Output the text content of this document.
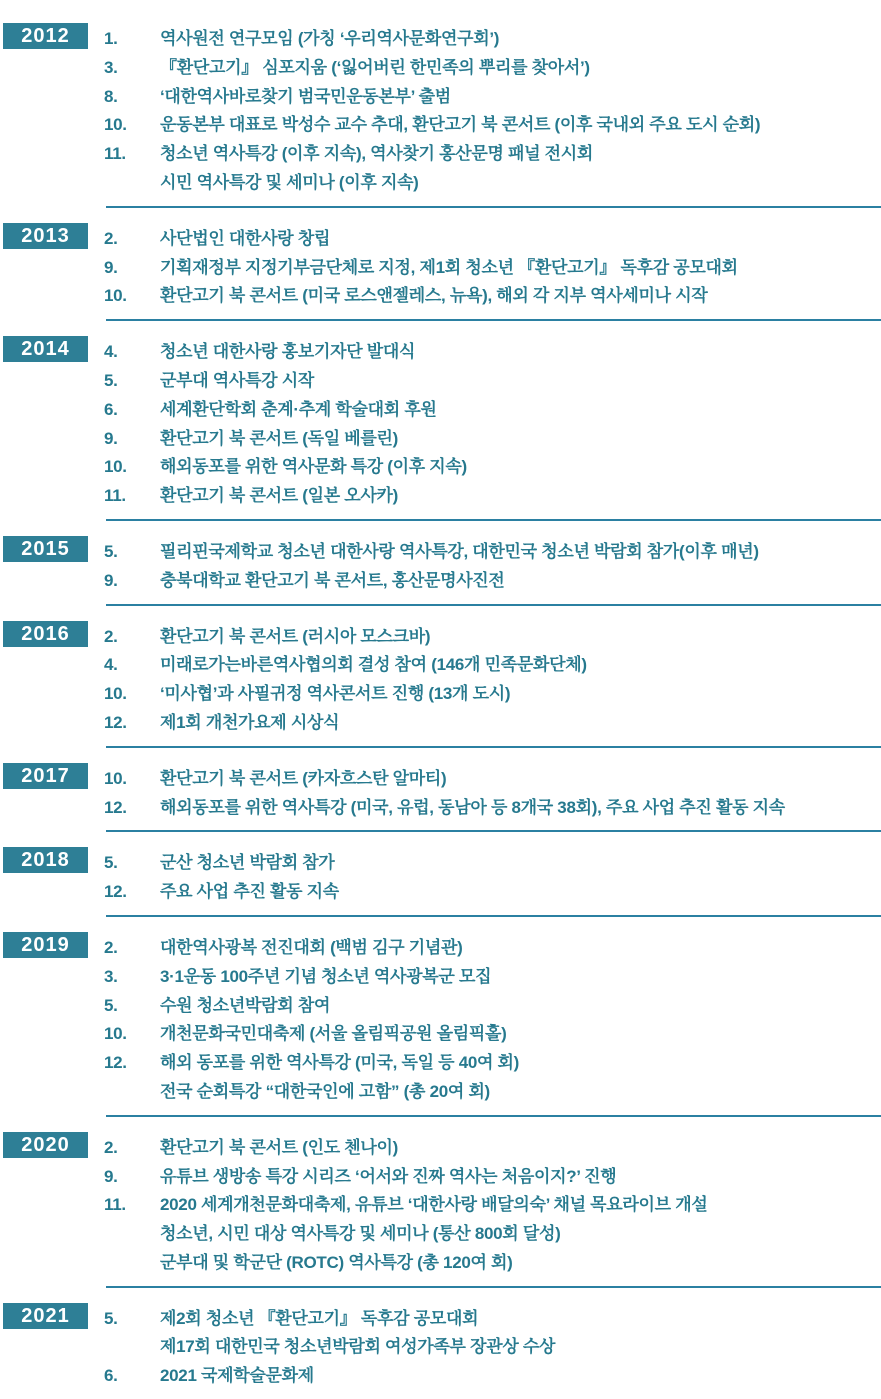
2012	1.	역사원전 연구모임 (가칭 ‘우리역사문화연구회’)
3.	『환단고기』 심포지움 (‘잃어버린 한민족의 뿌리를 찾아서’)
8.	‘대한역사바로찾기 범국민운동본부’ 출범
10.	운동본부 대표로 박성수 교수 추대, 환단고기 북 콘서트 (이후 국내외 주요 도시 순회)
11.	청소년 역사특강 (이후 지속), 역사찾기 홍산문명 패널 전시회
시민 역사특강 및 세미나 (이후 지속)
2013	2.	사단법인 대한사랑 창립
9.	기획재정부 지정기부금단체로 지정, 제1회 청소년 『환단고기』 독후감 공모대회
10.	환단고기 북 콘서트 (미국 로스앤젤레스, 뉴욕), 해외 각 지부 역사세미나 시작
2014	4.	청소년 대한사랑 홍보기자단 발대식
5.	군부대 역사특강 시작
6.	세계환단학회 춘계·추계 학술대회 후원
9.	환단고기 북 콘서트 (독일 베를린)
10.	해외동포를 위한 역사문화 특강 (이후 지속)
11.	환단고기 북 콘서트 (일본 오사카)
2015	5.	필리핀국제학교 청소년 대한사랑 역사특강, 대한민국 청소년 박람회 참가(이후 매년)
9.	충북대학교 환단고기 북 콘서트, 홍산문명사진전
2016	2.	환단고기 북 콘서트 (러시아 모스크바)
4.	미래로가는바른역사협의회 결성 참여 (146개 민족문화단체)
10.	‘미사협’과 사필귀정 역사콘서트 진행 (13개 도시)
12.	제1회 개천가요제 시상식
2017	10.	환단고기 북 콘서트 (카자흐스탄 알마티)
12.	해외동포를 위한 역사특강 (미국, 유럽, 동남아 등 8개국 38회), 주요 사업 추진 활동 지속
2018	5.	군산 청소년 박람회 참가
12.	주요 사업 추진 활동 지속
2019	2.	대한역사광복 전진대회 (백범 김구 기념관)
3.	3·1운동 100주년 기념 청소년 역사광복군 모집
5.	수원 청소년박람회 참여
10.	개천문화국민대축제 (서울 올림픽공원 올림픽홀)
12.	해외 동포를 위한 역사특강 (미국, 독일 등 40여 회)
전국 순회특강 “대한국인에 고함” (총 20여 회)
2020	2.	환단고기 북 콘서트 (인도 첸나이)
9.	유튜브 생방송 특강 시리즈 ‘어서와 진짜 역사는 처음이지?’ 진행
11.	2020 세계개천문화대축제, 유튜브 ‘대한사랑 배달의숙’ 채널 목요라이브 개설
청소년, 시민 대상 역사특강 및 세미나 (통산 800회 달성)
군부대 및 학군단 (ROTC) 역사특강 (총 120여 회)
2021	5.	제2회 청소년 『환단고기』 독후감 공모대회
제17회 대한민국 청소년박람회 여성가족부 장관상 수상
6.	2021 국제학술문화제
